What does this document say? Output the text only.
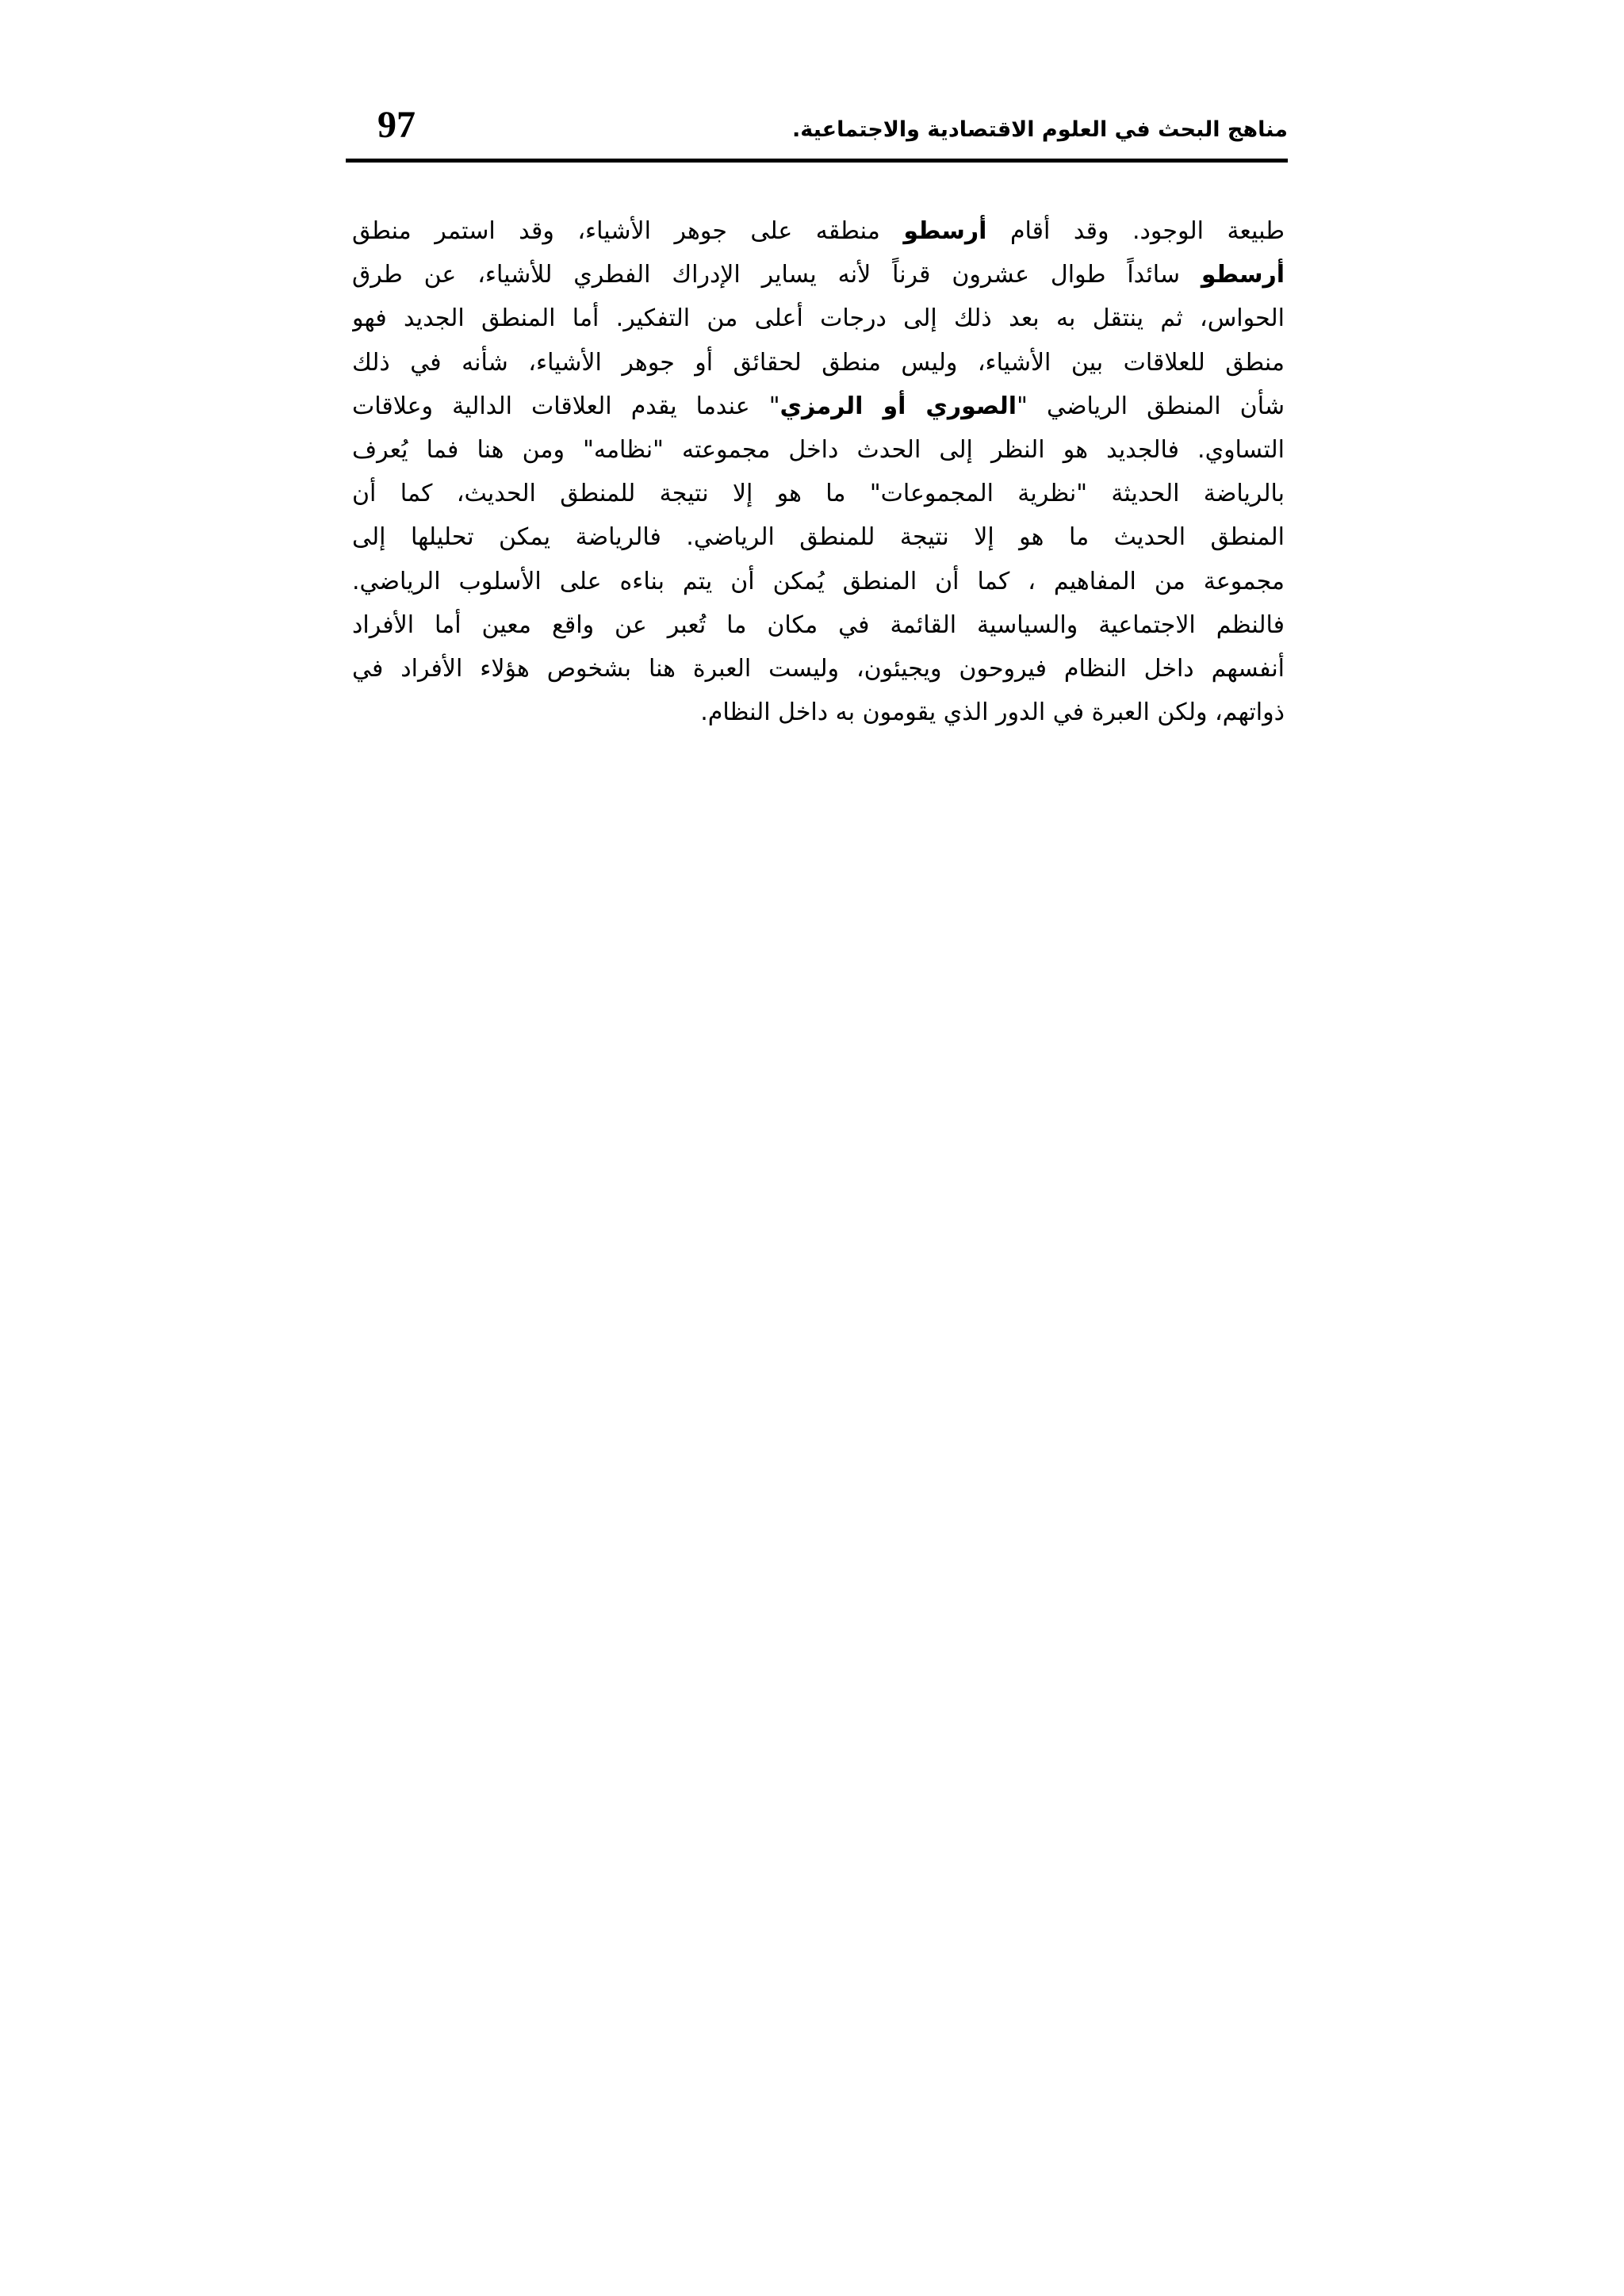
97	مناهج البحث في العلوم الاقتصادية والاجتماعية.
طبيعة الوجود. وقد أقام أرسطو منطقه على جوهر الأشياء، وقد استمر منطق
أرسطو سائداً طوال عشرون قرناً لأنه يساير الإدراك الفطري للأشياء، عن طرق
الحواس، ثم ينتقل به بعد ذلك إلى درجات أعلى من التفكير. أما المنطق الجديد فهو
منطق للعلاقات بين الأشياء، وليس منطق لحقائق أو جوهر الأشياء، شأنه في ذلك
شأن المنطق الرياضي "الصوري أو الرمزي" عندما يقدم العلاقات الدالية وعلاقات
التساوي. فالجديد هو النظر إلى الحدث داخل مجموعته "نظامه" ومن هنا فما يُعرف
بالرياضة الحديثة "نظرية المجموعات" ما هو إلا نتيجة للمنطق الحديث، كما أن
المنطق الحديث ما هو إلا نتيجة للمنطق الرياضي. فالرياضة يمكن تحليلها إلى
مجموعة من المفاهيم ، كما أن المنطق يُمكن أن يتم بناءه على الأسلوب الرياضي.
فالنظم الاجتماعية والسياسية القائمة في مكان ما تُعبر عن واقع معين أما الأفراد
أنفسهم داخل النظام فيروحون ويجيئون، وليست العبرة هنا بشخوص هؤلاء الأفراد في
ذواتهم، ولكن العبرة في الدور الذي يقومون به داخل النظام.
